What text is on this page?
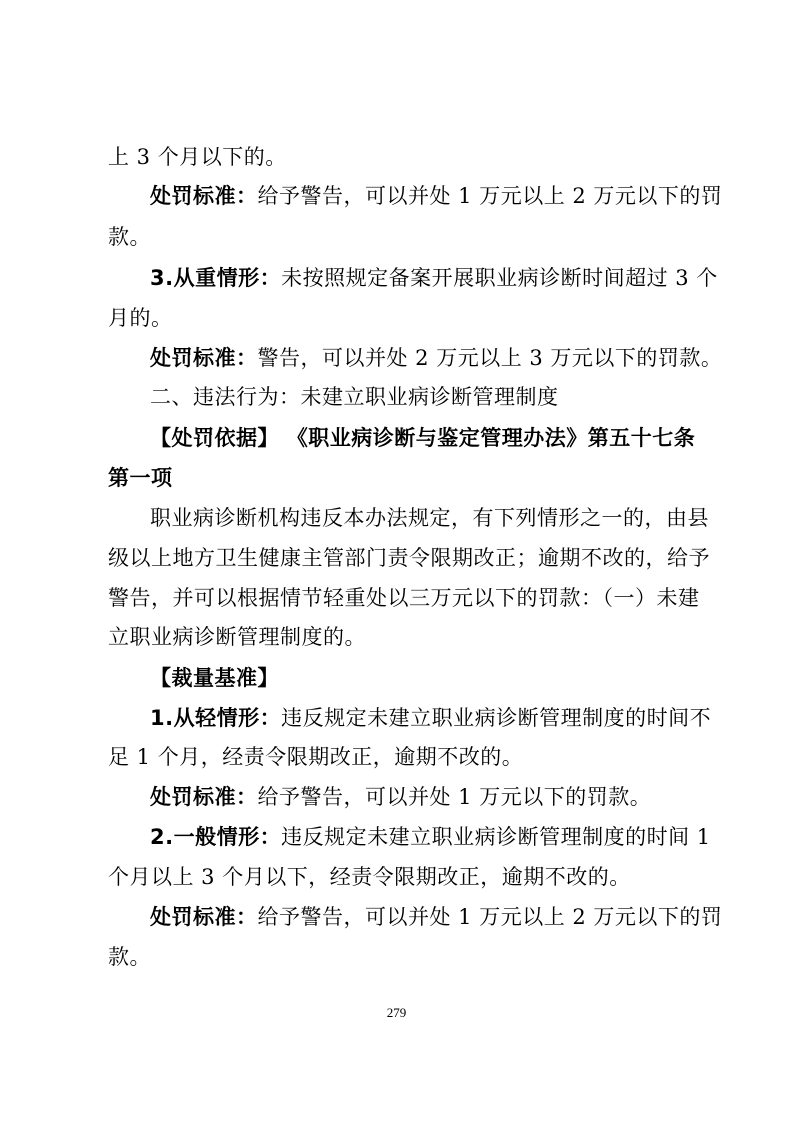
上 3 个月以下的。
处罚标准：给予警告，可以并处 1 万元以上 2 万元以下的罚
款。
3.从重情形：未按照规定备案开展职业病诊断时间超过 3 个
月的。
处罚标准：警告，可以并处 2 万元以上 3 万元以下的罚款。
二、违法行为：未建立职业病诊断管理制度
【处罚依据】 《职业病诊断与鉴定管理办法》第五十七条
第一项
职业病诊断机构违反本办法规定，有下列情形之一的，由县
级以上地方卫生健康主管部门责令限期改正；逾期不改的，给予
警告，并可以根据情节轻重处以三万元以下的罚款：（一）未建
立职业病诊断管理制度的。
【裁量基准】
1.从轻情形：违反规定未建立职业病诊断管理制度的时间不
足 1 个月，经责令限期改正，逾期不改的。
处罚标准：给予警告，可以并处 1 万元以下的罚款。
2.一般情形：违反规定未建立职业病诊断管理制度的时间 1
个月以上 3 个月以下，经责令限期改正，逾期不改的。
处罚标准：给予警告，可以并处 1 万元以上 2 万元以下的罚
款。
279
